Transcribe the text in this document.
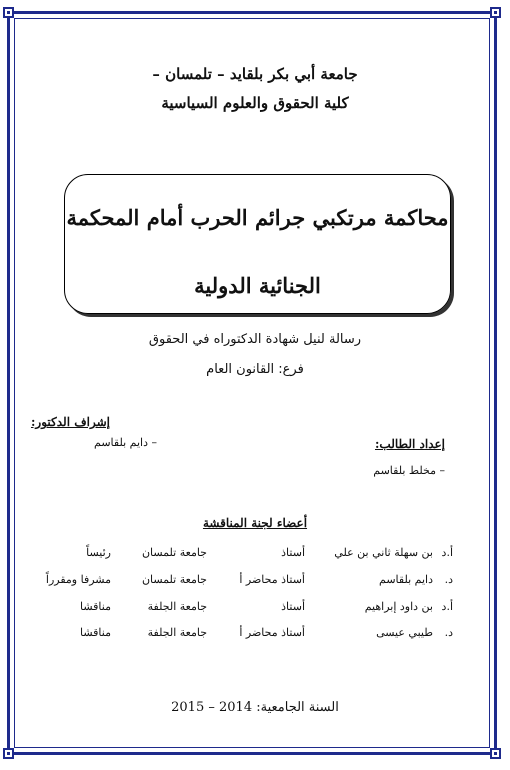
جامعة أبي بكر بلقايد – تلمسان –
كلية الحقوق والعلوم السياسية
محاكمة مرتكبي جرائم الحرب أمام المحكمة
الجنائية الدولية
رسالة لنيل شهادة الدكتوراه في الحقوق
فرع: القانون العام
إشراف الدكتور:
– دايم بلقاسم	إعداد الطالب:
– مخلط بلقاسم
أعضاء لجنة المناقشة
أ.د
بن سهلة ثاني بن علي
أستاذ
جامعة تلمسان
رئيساً
د.
دايم بلقاسم
أستاذ محاضر أ
جامعة تلمسان
مشرفا ومقرراً
أ.د
بن داود إبراهيم
أستاذ
جامعة الجلفة
مناقشا
د.
طيبي عيسى
أستاذ محاضر أ
جامعة الجلفة
مناقشا
السنة الجامعية: 2014 – 2015
